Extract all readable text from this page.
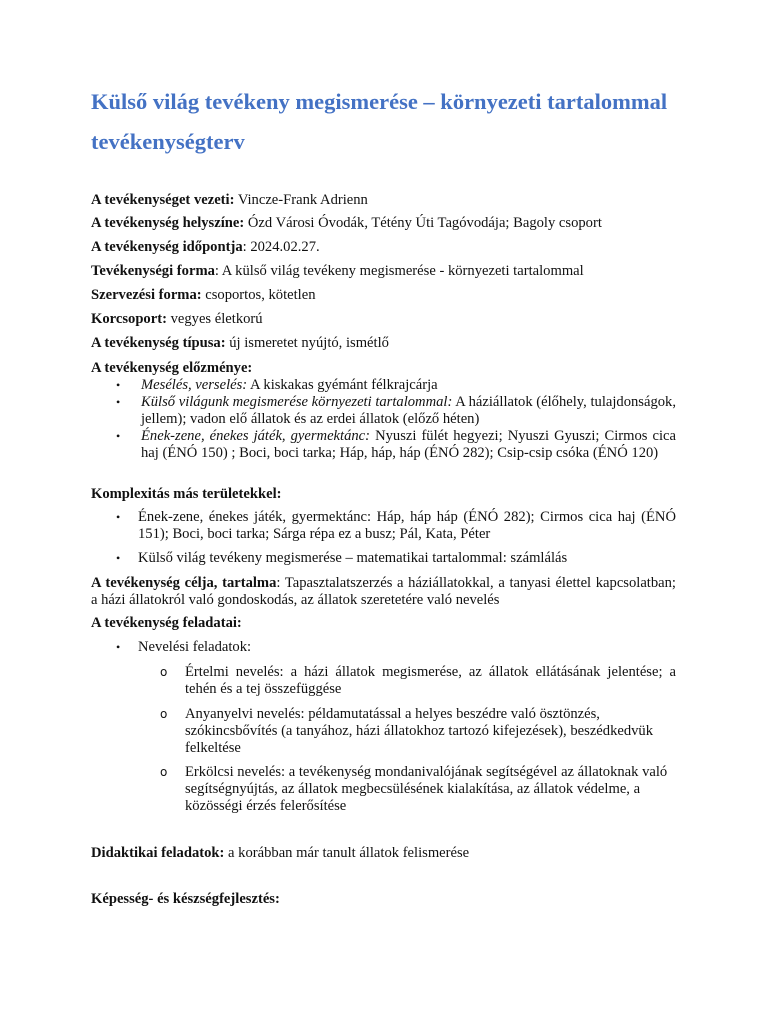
Külső világ tevékeny megismerése – környezeti tartalommal tevékenységterv
A tevékenységet vezeti: Vincze-Frank Adrienn
A tevékenység helyszíne: Ózd Városi Óvodák, Tétény Úti Tagóvodája; Bagoly csoport
A tevékenység időpontja: 2024.02.27.
Tevékenységi forma: A külső világ tevékeny megismerése - környezeti tartalommal
Szervezési forma: csoportos, kötetlen
Korcsoport: vegyes életkorú
A tevékenység típusa: új ismeretet nyújtó, ismétlő
A tevékenység előzménye:
• Mesélés, verselés: A kiskakas gyémánt félkrajcárja
• Külső világunk megismerése környezeti tartalommal: A háziállatok (élőhely, tulajdonságok, jellem); vadon elő állatok és az erdei állatok (előző héten)
• Ének-zene, énekes játék, gyermektánc: Nyuszi fülét hegyezi; Nyuszi Gyuszi; Cirmos cica haj (ÉNÓ 150) ; Boci, boci tarka; Háp, háp, háp (ÉNÓ 282); Csip-csip csóka (ÉNÓ 120)
Komplexitás más területekkel:
• Ének-zene, énekes játék, gyermektánc: Háp, háp háp (ÉNÓ 282); Cirmos cica haj (ÉNÓ 151); Boci, boci tarka; Sárga répa ez a busz; Pál, Kata, Péter
• Külső világ tevékeny megismerése – matematikai tartalommal: számlálás
A tevékenység célja, tartalma: Tapasztalatszerzés a háziállatokkal, a tanyasi élettel kapcsolatban; a házi állatokról való gondoskodás, az állatok szeretetére való nevelés
A tevékenység feladatai:
• Nevelési feladatok:
o Értelmi nevelés: a házi állatok megismerése, az állatok ellátásának jelentése; a tehén és a tej összefüggése
o Anyanyelvi nevelés: példamutatással a helyes beszédre való ösztönzés, szókincsbővítés (a tanyához, házi állatokhoz tartozó kifejezések), beszédkedvük felkeltése
o Erkölcsi nevelés: a tevékenység mondanivalójának segítségével az állatoknak való segítségnyújtás, az állatok megbecsülésének kialakítása, az állatok védelme, a közösségi érzés felerősítése
Didaktikai feladatok: a korábban már tanult állatok felismerése
Képesség- és készségfejlesztés:
